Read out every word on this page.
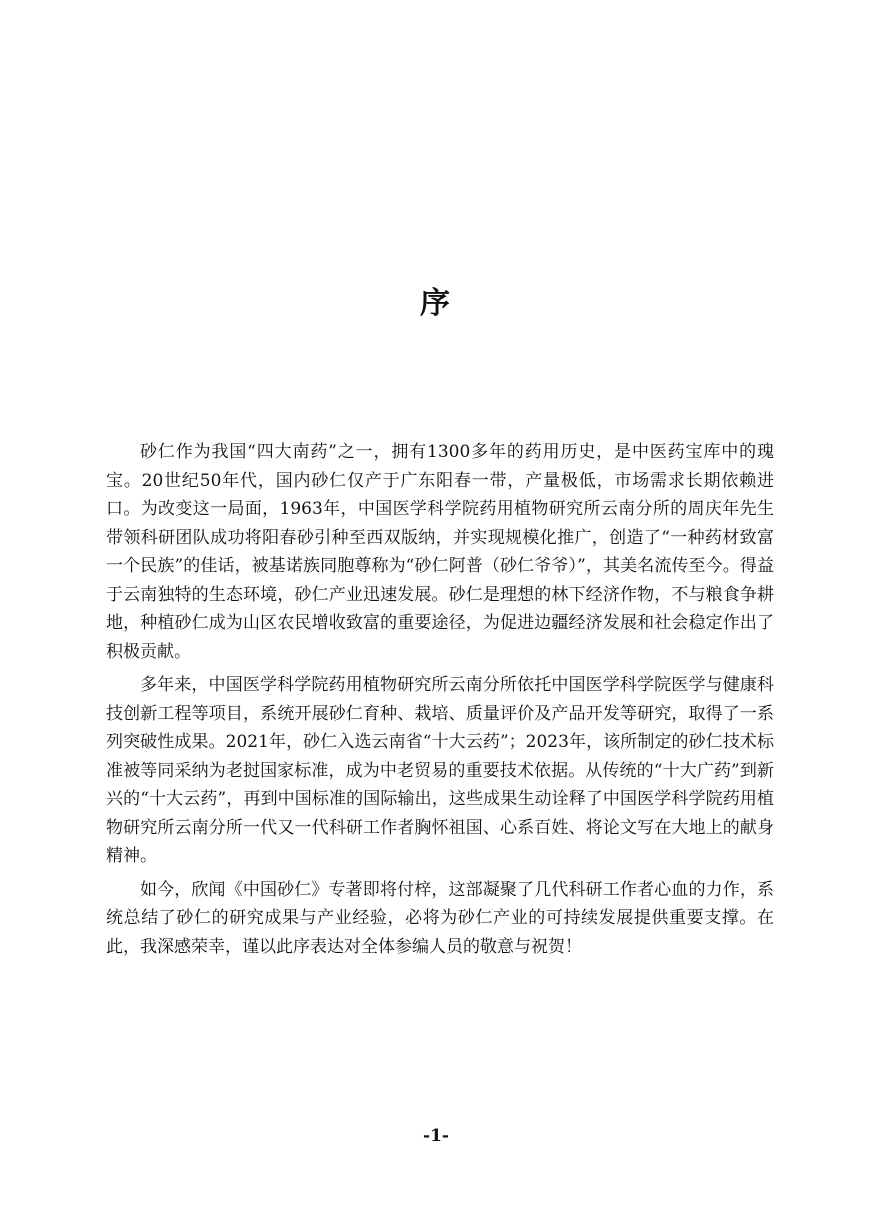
序

砂仁作为我国“四大南药”之一，拥有1300多年的药用历史，是中医药宝库中的瑰宝。20世纪50年代，国内砂仁仅产于广东阳春一带，产量极低，市场需求长期依赖进口。为改变这一局面，1963年，中国医学科学院药用植物研究所云南分所的周庆年先生带领科研团队成功将阳春砂引种至西双版纳，并实现规模化推广，创造了“一种药材致富一个民族”的佳话，被基诺族同胞尊称为“砂仁阿普（砂仁爷爷）”，其美名流传至今。得益于云南独特的生态环境，砂仁产业迅速发展。砂仁是理想的林下经济作物，不与粮食争耕地，种植砂仁成为山区农民增收致富的重要途径，为促进边疆经济发展和社会稳定作出了积极贡献。

多年来，中国医学科学院药用植物研究所云南分所依托中国医学科学院医学与健康科技创新工程等项目，系统开展砂仁育种、栽培、质量评价及产品开发等研究，取得了一系列突破性成果。2021年，砂仁入选云南省“十大云药”；2023年，该所制定的砂仁技术标准被等同采纳为老挝国家标准，成为中老贸易的重要技术依据。从传统的“十大广药”到新兴的“十大云药”，再到中国标准的国际输出，这些成果生动诠释了中国医学科学院药用植物研究所云南分所一代又一代科研工作者胸怀祖国、心系百姓、将论文写在大地上的献身精神。

如今，欣闻《中国砂仁》专著即将付梓，这部凝聚了几代科研工作者心血的力作，系统总结了砂仁的研究成果与产业经验，必将为砂仁产业的可持续发展提供重要支撑。在此，我深感荣幸，谨以此序表达对全体参编人员的敬意与祝贺！

-1-
